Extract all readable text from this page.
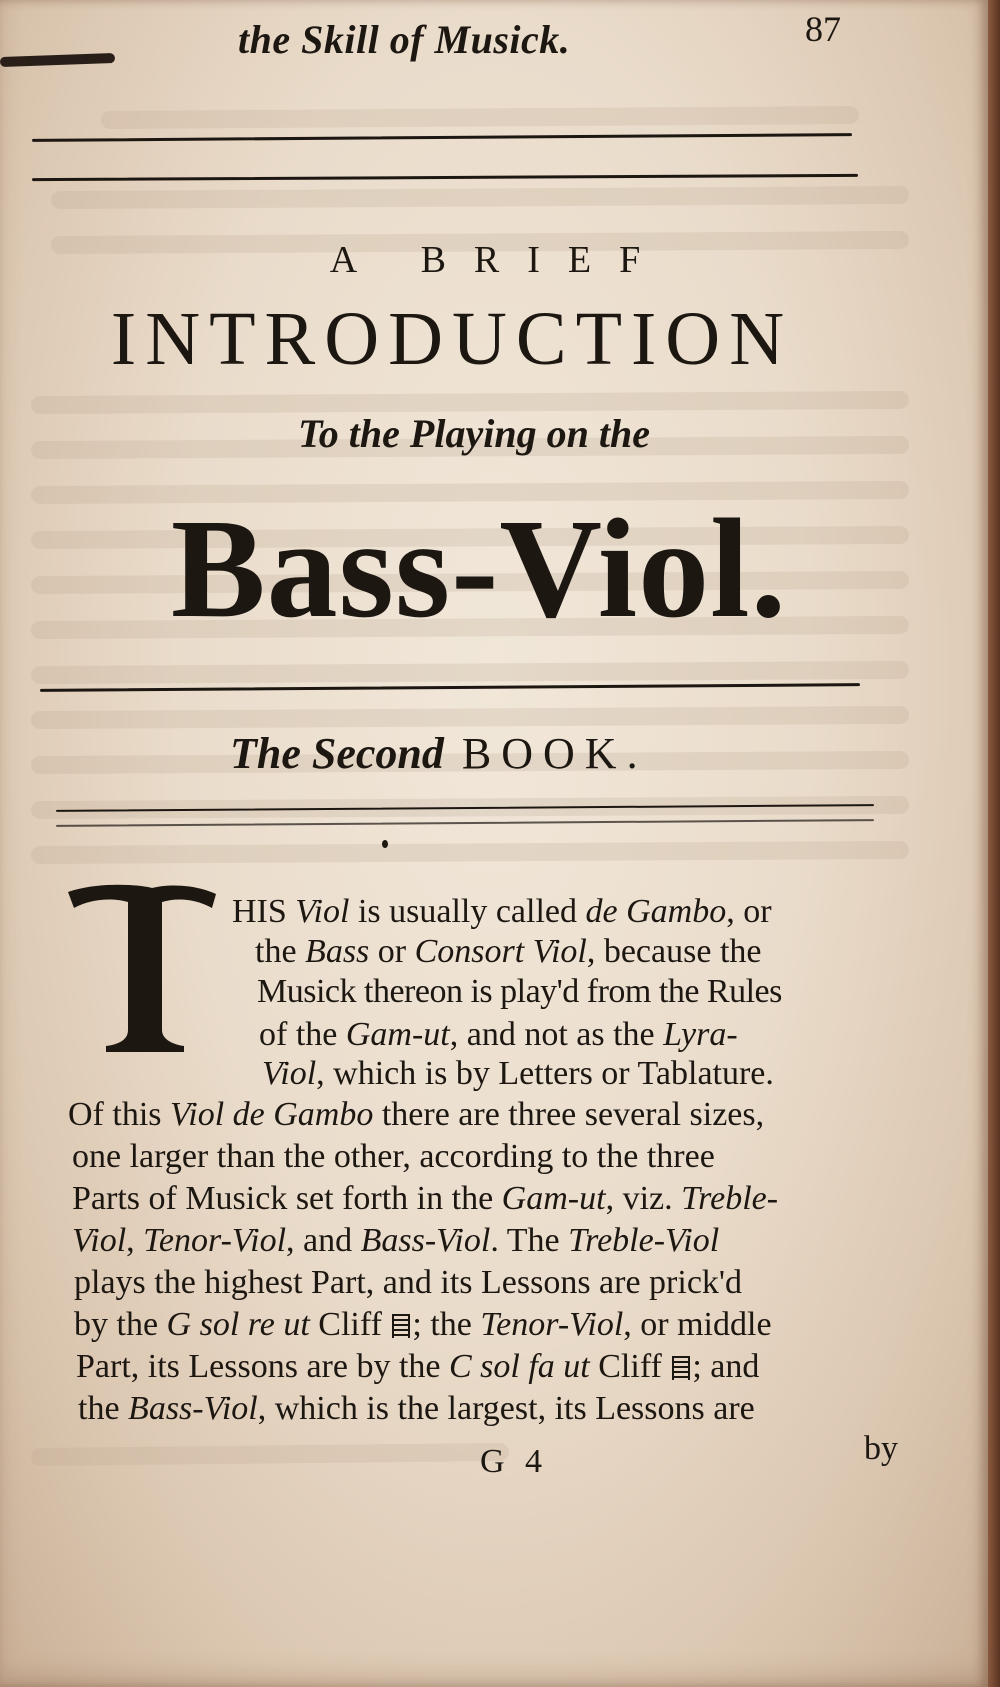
the Skill of Musick.	87
A BRIEF
INTRODUCTION
To the Playing on the
Bass-Viol.
The Second BOOK.
HIS Viol is usually called de Gambo, or
the Bass or Consort Viol, because the
Musick thereon is play'd from the Rules
of the Gam-ut, and not as the Lyra-
Viol, which is by Letters or Tablature.
Of this Viol de Gambo there are three several sizes,
one larger than the other, according to the three
Parts of Musick set forth in the Gam-ut, viz. Treble-
Viol, Tenor-Viol, and Bass-Viol. The Treble-Viol
plays the highest Part, and its Lessons are prick'd
by the G sol re ut Cliff ; the Tenor-Viol, or middle
Part, its Lessons are by the C sol fa ut Cliff ; and
the Bass-Viol, which is the largest, its Lessons are
G 4	by
